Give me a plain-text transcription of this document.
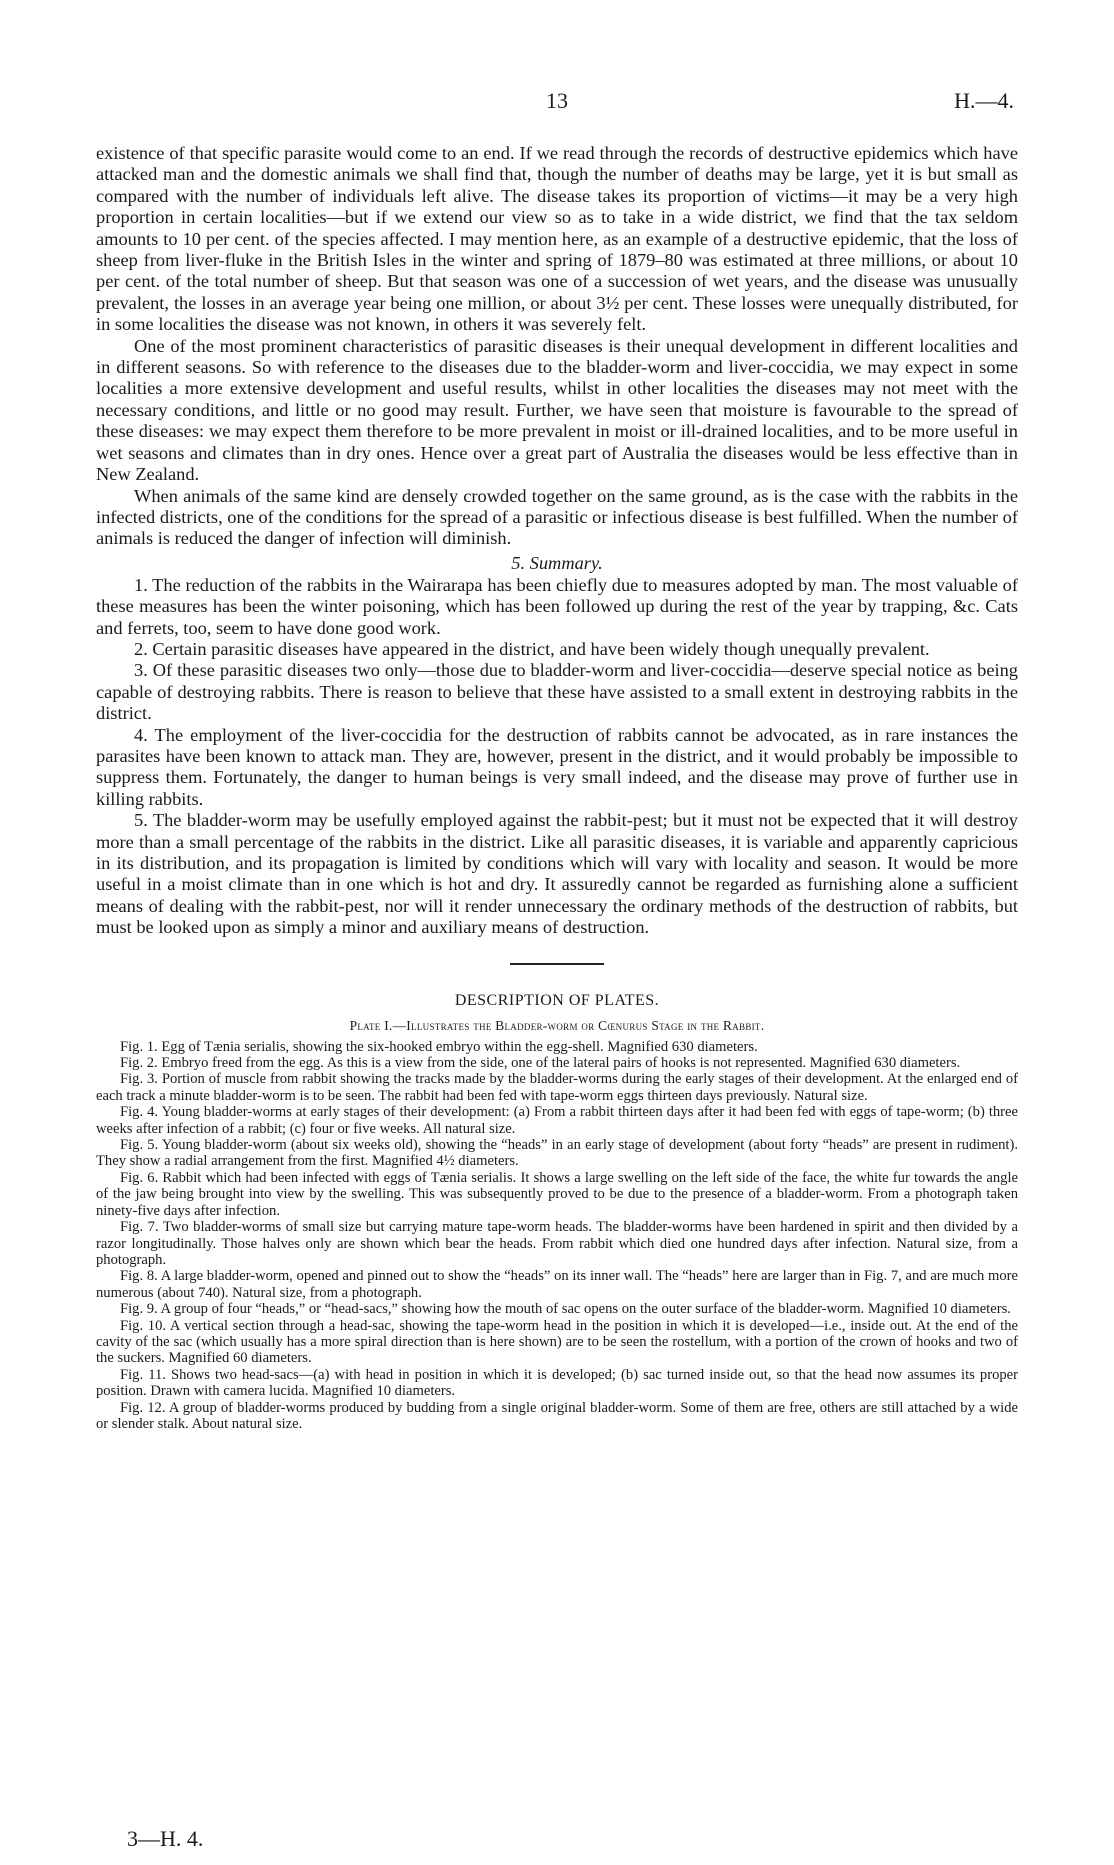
13	H.—4.

existence of that specific parasite would come to an end. If we read through the records of destructive epidemics which have attacked man and the domestic animals we shall find that, though the number of deaths may be large, yet it is but small as compared with the number of individuals left alive. The disease takes its proportion of victims—it may be a very high proportion in certain localities—but if we extend our view so as to take in a wide district, we find that the tax seldom amounts to 10 per cent. of the species affected. I may mention here, as an example of a destructive epidemic, that the loss of sheep from liver-fluke in the British Isles in the winter and spring of 1879–80 was estimated at three millions, or about 10 per cent. of the total number of sheep. But that season was one of a succession of wet years, and the disease was unusually prevalent, the losses in an average year being one million, or about 3½ per cent. These losses were unequally distributed, for in some localities the disease was not known, in others it was severely felt.

One of the most prominent characteristics of parasitic diseases is their unequal development in different localities and in different seasons. So with reference to the diseases due to the bladder-worm and liver-coccidia, we may expect in some localities a more extensive development and useful results, whilst in other localities the diseases may not meet with the necessary conditions, and little or no good may result. Further, we have seen that moisture is favourable to the spread of these diseases: we may expect them therefore to be more prevalent in moist or ill-drained localities, and to be more useful in wet seasons and climates than in dry ones. Hence over a great part of Australia the diseases would be less effective than in New Zealand.

When animals of the same kind are densely crowded together on the same ground, as is the case with the rabbits in the infected districts, one of the conditions for the spread of a parasitic or infectious disease is best fulfilled. When the number of animals is reduced the danger of infection will diminish.

5. Summary.

1. The reduction of the rabbits in the Wairarapa has been chiefly due to measures adopted by man. The most valuable of these measures has been the winter poisoning, which has been followed up during the rest of the year by trapping, &c. Cats and ferrets, too, seem to have done good work.

2. Certain parasitic diseases have appeared in the district, and have been widely though unequally prevalent.

3. Of these parasitic diseases two only—those due to bladder-worm and liver-coccidia—deserve special notice as being capable of destroying rabbits. There is reason to believe that these have assisted to a small extent in destroying rabbits in the district.

4. The employment of the liver-coccidia for the destruction of rabbits cannot be advocated, as in rare instances the parasites have been known to attack man. They are, however, present in the district, and it would probably be impossible to suppress them. Fortunately, the danger to human beings is very small indeed, and the disease may prove of further use in killing rabbits.

5. The bladder-worm may be usefully employed against the rabbit-pest; but it must not be expected that it will destroy more than a small percentage of the rabbits in the district. Like all parasitic diseases, it is variable and apparently capricious in its distribution, and its propagation is limited by conditions which will vary with locality and season. It would be more useful in a moist climate than in one which is hot and dry. It assuredly cannot be regarded as furnishing alone a sufficient means of dealing with the rabbit-pest, nor will it render unnecessary the ordinary methods of the destruction of rabbits, but must be looked upon as simply a minor and auxiliary means of destruction.

DESCRIPTION OF PLATES.
Plate I.—Illustrates the Bladder-worm or Cœnurus Stage in the Rabbit.

Fig. 1. Egg of Tænia serialis, showing the six-hooked embryo within the egg-shell. Magnified 630 diameters.

Fig. 2. Embryo freed from the egg. As this is a view from the side, one of the lateral pairs of hooks is not represented. Magnified 630 diameters.

Fig. 3. Portion of muscle from rabbit showing the tracks made by the bladder-worms during the early stages of their development. At the enlarged end of each track a minute bladder-worm is to be seen. The rabbit had been fed with tape-worm eggs thirteen days previously. Natural size.

Fig. 4. Young bladder-worms at early stages of their development: (a) From a rabbit thirteen days after it had been fed with eggs of tape-worm; (b) three weeks after infection of a rabbit; (c) four or five weeks. All natural size.

Fig. 5. Young bladder-worm (about six weeks old), showing the “heads” in an early stage of development (about forty “heads” are present in rudiment). They show a radial arrangement from the first. Magnified 4½ diameters.

Fig. 6. Rabbit which had been infected with eggs of Tænia serialis. It shows a large swelling on the left side of the face, the white fur towards the angle of the jaw being brought into view by the swelling. This was subsequently proved to be due to the presence of a bladder-worm. From a photograph taken ninety-five days after infection.

Fig. 7. Two bladder-worms of small size but carrying mature tape-worm heads. The bladder-worms have been hardened in spirit and then divided by a razor longitudinally. Those halves only are shown which bear the heads. From rabbit which died one hundred days after infection. Natural size, from a photograph.

Fig. 8. A large bladder-worm, opened and pinned out to show the “heads” on its inner wall. The “heads” here are larger than in Fig. 7, and are much more numerous (about 740). Natural size, from a photograph.

Fig. 9. A group of four “heads,” or “head-sacs,” showing how the mouth of sac opens on the outer surface of the bladder-worm. Magnified 10 diameters.

Fig. 10. A vertical section through a head-sac, showing the tape-worm head in the position in which it is developed—i.e., inside out. At the end of the cavity of the sac (which usually has a more spiral direction than is here shown) are to be seen the rostellum, with a portion of the crown of hooks and two of the suckers. Magnified 60 diameters.

Fig. 11. Shows two head-sacs—(a) with head in position in which it is developed; (b) sac turned inside out, so that the head now assumes its proper position. Drawn with camera lucida. Magnified 10 diameters.

Fig. 12. A group of bladder-worms produced by budding from a single original bladder-worm. Some of them are free, others are still attached by a wide or slender stalk. About natural size.

3—H. 4.
